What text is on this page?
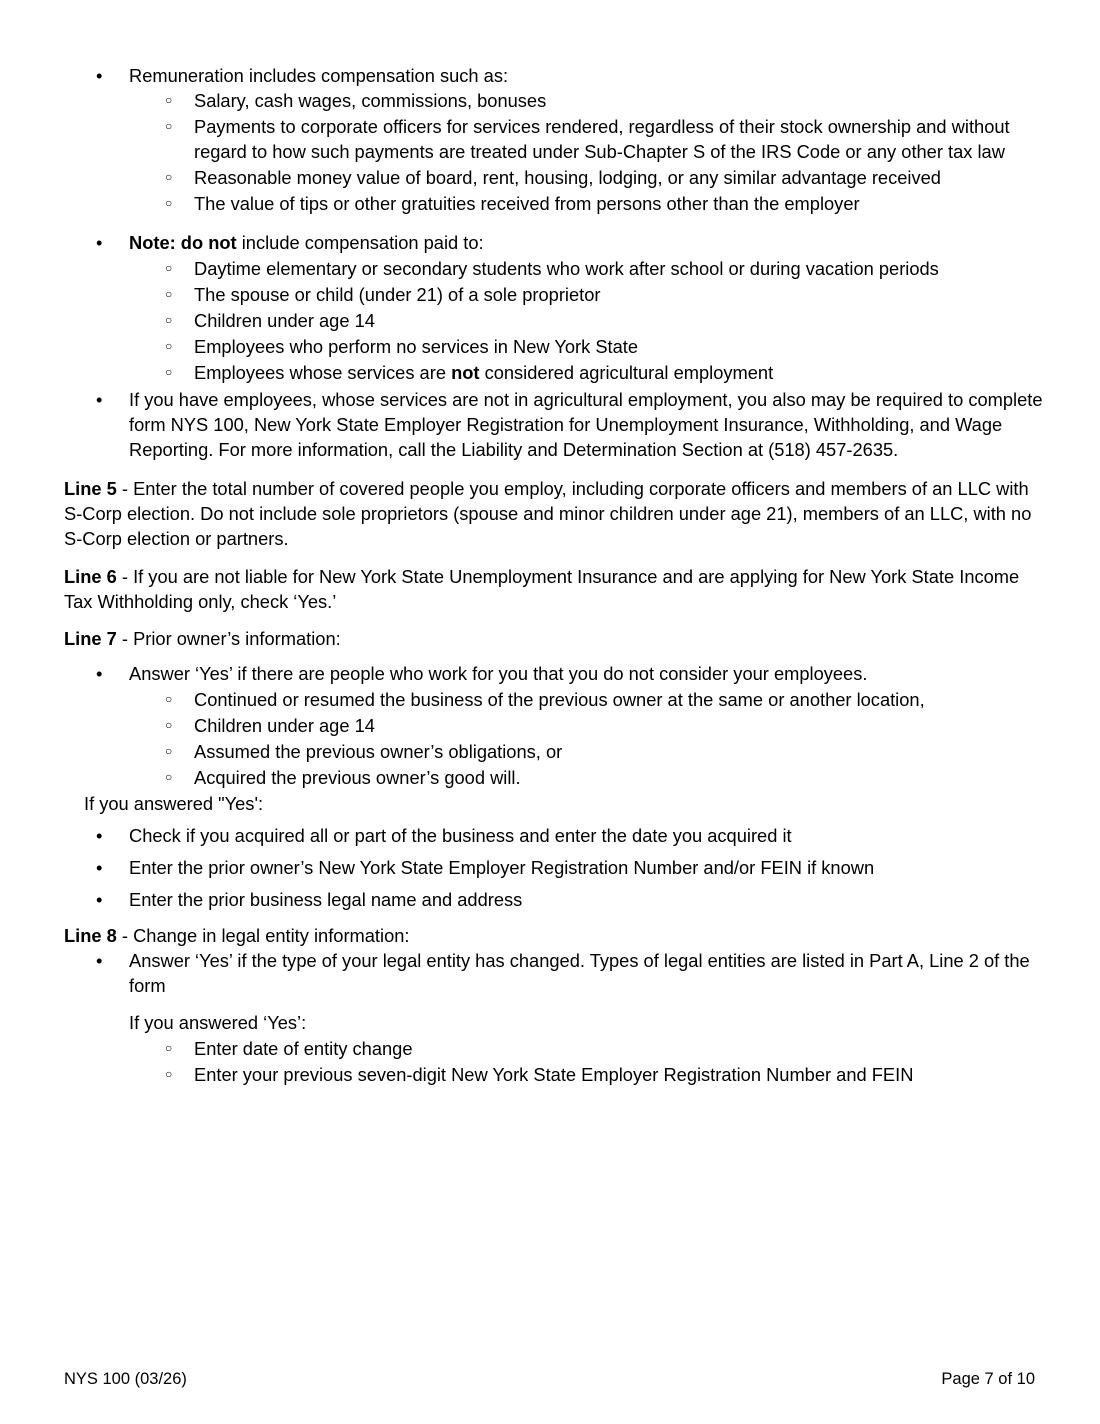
• Remuneration includes compensation such as:
○ Salary, cash wages, commissions, bonuses
○ Payments to corporate officers for services rendered, regardless of their stock ownership and without regard to how such payments are treated under Sub-Chapter S of the IRS Code or any other tax law
○ Reasonable money value of board, rent, housing, lodging, or any similar advantage received
○ The value of tips or other gratuities received from persons other than the employer
• Note: do not include compensation paid to:
○ Daytime elementary or secondary students who work after school or during vacation periods
○ The spouse or child (under 21) of a sole proprietor
○ Children under age 14
○ Employees who perform no services in New York State
○ Employees whose services are not considered agricultural employment
• If you have employees, whose services are not in agricultural employment, you also may be required to complete form NYS 100, New York State Employer Registration for Unemployment Insurance, Withholding, and Wage Reporting. For more information, call the Liability and Determination Section at (518) 457-2635.

Line 5 - Enter the total number of covered people you employ, including corporate officers and members of an LLC with S-Corp election. Do not include sole proprietors (spouse and minor children under age 21), members of an LLC, with no S-Corp election or partners.

Line 6 - If you are not liable for New York State Unemployment Insurance and are applying for New York State Income Tax Withholding only, check ‘Yes.’

Line 7 - Prior owner’s information:

• Answer ‘Yes’ if there are people who work for you that you do not consider your employees.
○ Continued or resumed the business of the previous owner at the same or another location,
○ Children under age 14
○ Assumed the previous owner’s obligations, or
○ Acquired the previous owner’s good will.

If you answered "Yes':

• Check if you acquired all or part of the business and enter the date you acquired it
• Enter the prior owner’s New York State Employer Registration Number and/or FEIN if known
• Enter the prior business legal name and address

Line 8 - Change in legal entity information:

• Answer ‘Yes’ if the type of your legal entity has changed. Types of legal entities are listed in Part A, Line 2 of the form

If you answered ‘Yes’:

○ Enter date of entity change
○ Enter your previous seven-digit New York State Employer Registration Number and FEIN
NYS 100 (03/26)	Page 7 of 10
